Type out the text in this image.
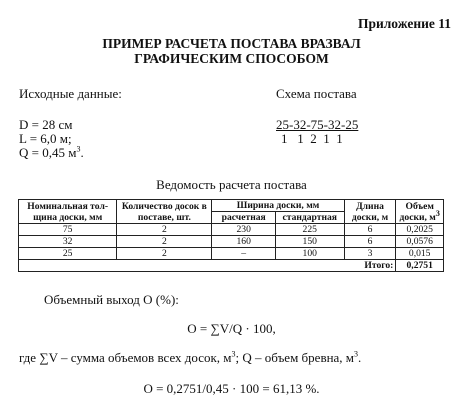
Приложение 11
ПРИМЕР РАСЧЕТА ПОСТАВА ВРАЗВАЛ
ГРАФИЧЕСКИМ СПОСОБОМ
Исходные данные:	Схема постава
D = 28 см
L = 6,0 м;
Q = 0,45 $м^3$.
25-32-75-32-25
1   1  2  1  1
Ведомость расчета постава
Номинальная тол-щина доски, мм	Количество досок в поставе, шт.	Ширина доски, мм		Длина доски, м	Объем доски, $м^3$
		расчетная	стандартная		
75	2	230	225	6	0,2025
32	2	160	150	6	0,0576
25	2	–	100	3	0,015
Итого:					0,2751
Объемный выход O (%):
O = ∑V/Q · 100,
где ∑V – сумма объемов всех досок, $м^3$; Q – объем бревна, $м^3$.
O = 0,2751/0,45 · 100 = 61,13 %.
